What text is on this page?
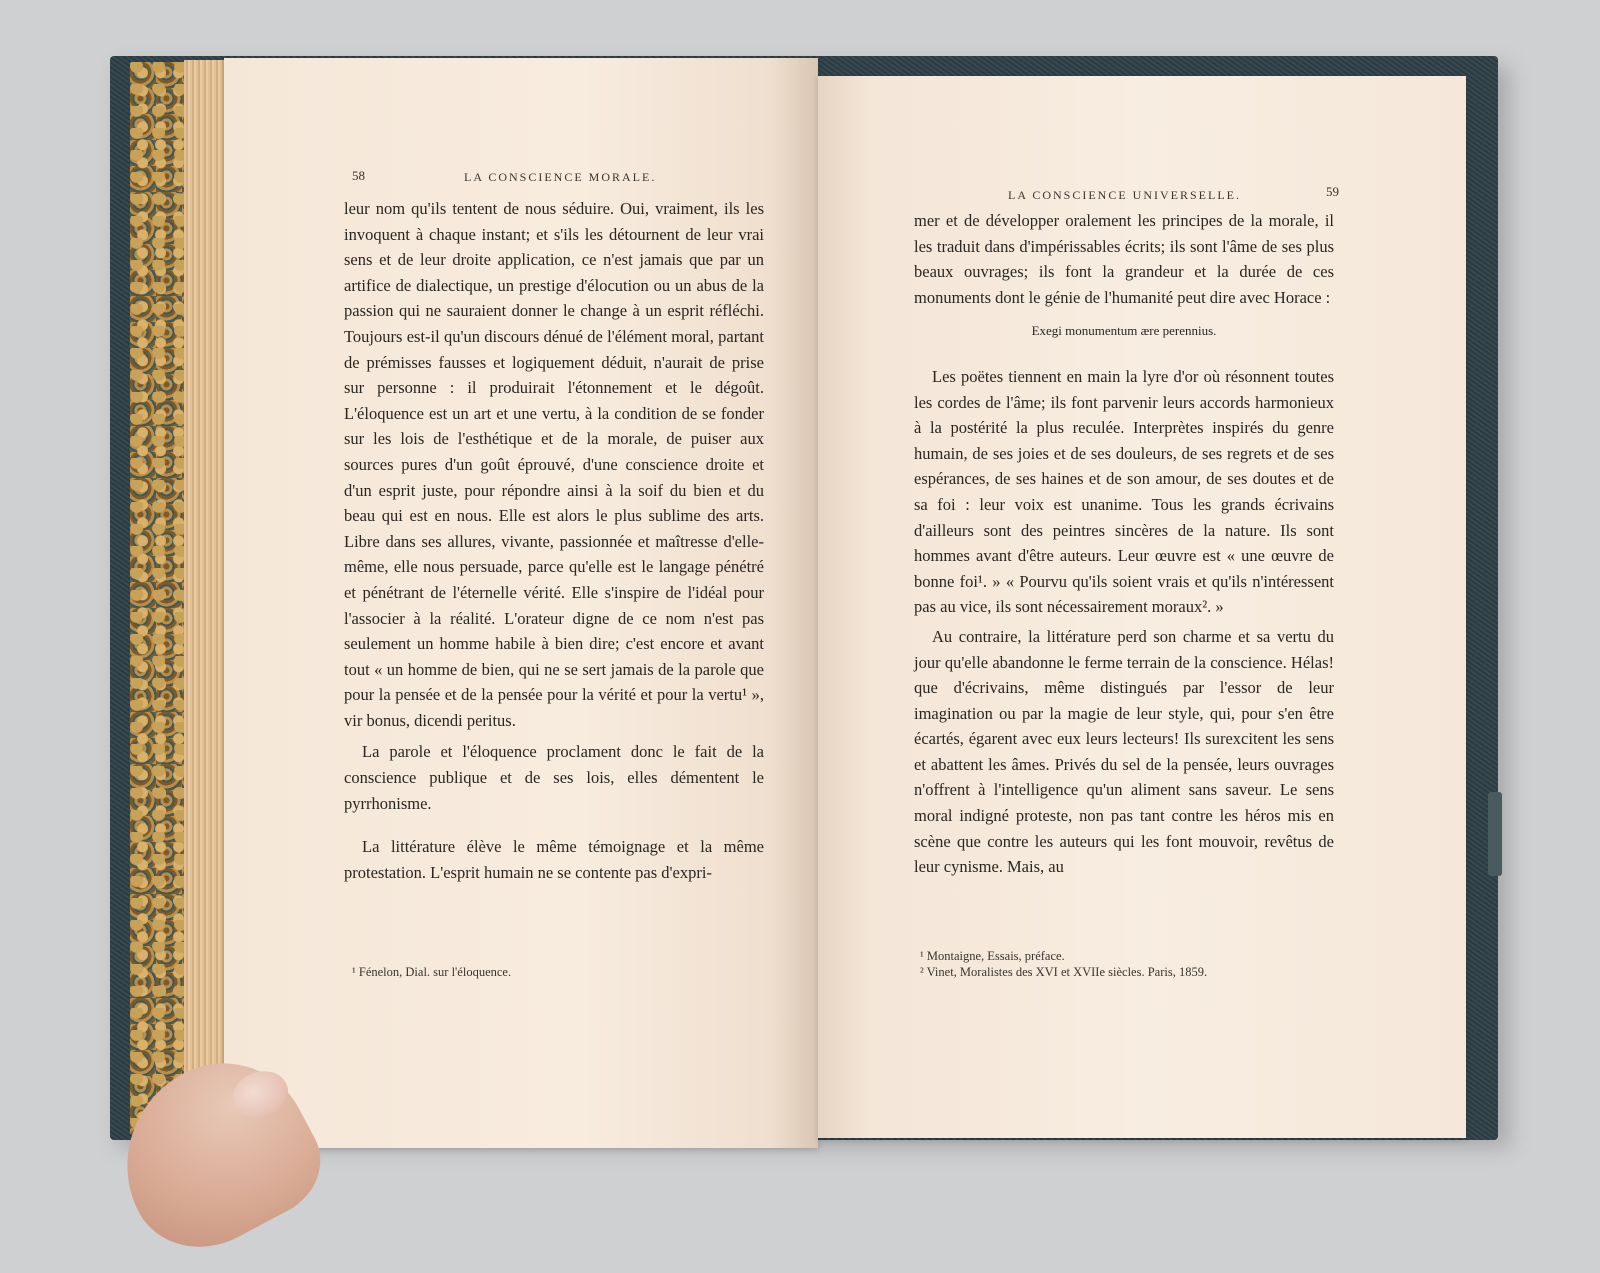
58	LA CONSCIENCE MORALE.

leur nom qu'ils tentent de nous séduire. Oui, vraiment, ils les invoquent à chaque instant; et s'ils les détournent de leur vrai sens et de leur droite application, ce n'est jamais que par un artifice de dialectique, un prestige d'élocution ou un abus de la passion qui ne sauraient donner le change à un esprit réfléchi. Toujours est-il qu'un discours dénué de l'élément moral, partant de prémisses fausses et logiquement déduit, n'aurait de prise sur personne : il produirait l'étonnement et le dégoût. L'éloquence est un art et une vertu, à la condition de se fonder sur les lois de l'esthétique et de la morale, de puiser aux sources pures d'un goût éprouvé, d'une conscience droite et d'un esprit juste, pour répondre ainsi à la soif du bien et du beau qui est en nous. Elle est alors le plus sublime des arts. Libre dans ses allures, vivante, passionnée et maîtresse d'elle-même, elle nous persuade, parce qu'elle est le langage pénétré et pénétrant de l'éternelle vérité. Elle s'inspire de l'idéal pour l'associer à la réalité. L'orateur digne de ce nom n'est pas seulement un homme habile à bien dire; c'est encore et avant tout « un homme de bien, qui ne se sert jamais de la parole que pour la pensée et de la pensée pour la vérité et pour la vertu¹ », vir bonus, dicendi peritus.

La parole et l'éloquence proclament donc le fait de la conscience publique et de ses lois, elles démentent le pyrrhonisme.

La littérature élève le même témoignage et la même protestation. L'esprit humain ne se contente pas d'expri-

¹ Fénelon, Dial. sur l'éloquence.
LA CONSCIENCE UNIVERSELLE.	59

mer et de développer oralement les principes de la morale, il les traduit dans d'impérissables écrits; ils sont l'âme de ses plus beaux ouvrages; ils font la grandeur et la durée de ces monuments dont le génie de l'humanité peut dire avec Horace :

Exegi monumentum ære perennius.

Les poëtes tiennent en main la lyre d'or où résonnent toutes les cordes de l'âme; ils font parvenir leurs accords harmonieux à la postérité la plus reculée. Interprètes inspirés du genre humain, de ses joies et de ses douleurs, de ses regrets et de ses espérances, de ses haines et de son amour, de ses doutes et de sa foi : leur voix est unanime. Tous les grands écrivains d'ailleurs sont des peintres sincères de la nature. Ils sont hommes avant d'être auteurs. Leur œuvre est « une œuvre de bonne foi¹. » « Pourvu qu'ils soient vrais et qu'ils n'intéressent pas au vice, ils sont nécessairement moraux². »

Au contraire, la littérature perd son charme et sa vertu du jour qu'elle abandonne le ferme terrain de la conscience. Hélas! que d'écrivains, même distingués par l'essor de leur imagination ou par la magie de leur style, qui, pour s'en être écartés, égarent avec eux leurs lecteurs! Ils surexcitent les sens et abattent les âmes. Privés du sel de la pensée, leurs ouvrages n'offrent à l'intelligence qu'un aliment sans saveur. Le sens moral indigné proteste, non pas tant contre les héros mis en scène que contre les auteurs qui les font mouvoir, revêtus de leur cynisme. Mais, au

¹ Montaigne, Essais, préface.
² Vinet, Moralistes des XVI et XVIIe siècles. Paris, 1859.
